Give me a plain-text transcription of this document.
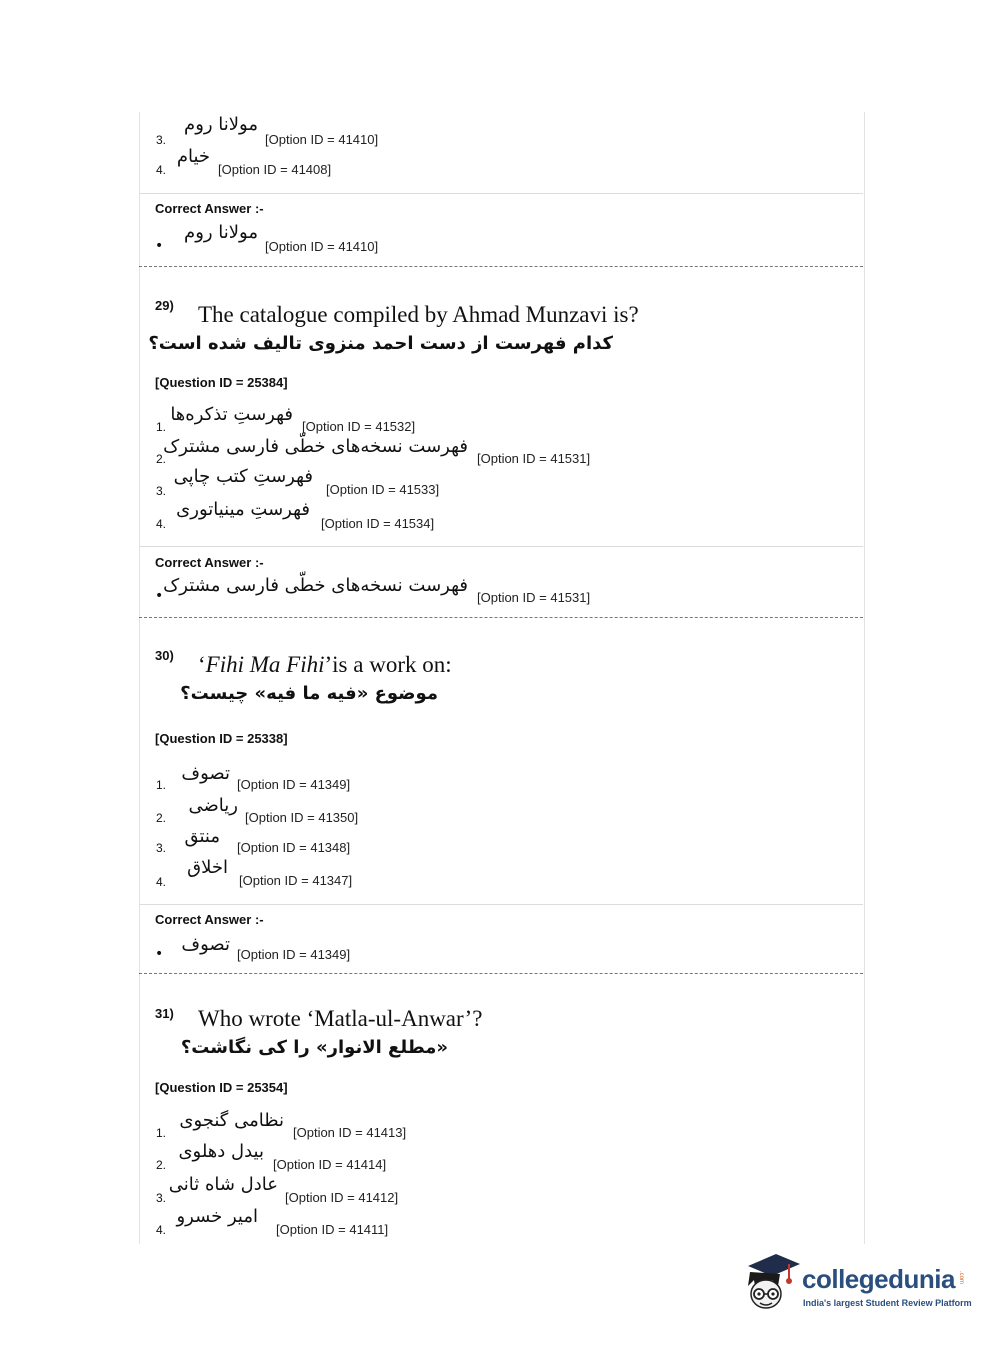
3.
مولانا روم
[Option ID = 41410]
4.
خیام
[Option ID = 41408]
Correct Answer :-
•
مولانا روم
[Option ID = 41410]
29) The catalogue compiled by Ahmad Munzavi is?
کدام فهرست از دست احمد منزوی تالیف شده است؟
[Question ID = 25384]
1.
فهرستِ تذکره‌ها
[Option ID = 41532]
2.
فهرست نسخه‌های خطّی فارسی مشترک
[Option ID = 41531]
3.
فهرستِ کتب چاپی
[Option ID = 41533]
4.
فهرستِ مینیاتوری
[Option ID = 41534]
Correct Answer :-
• فهرست نسخه‌های خطّی فارسی مشترک
[Option ID = 41531]
30) ‘Fihi Ma Fihi’is a work on:
موضوع «فیه ما فیه» چیست؟
[Question ID = 25338]
1.
تصوف
[Option ID = 41349]
2.
ریاضی
[Option ID = 41350]
3.
منتق
[Option ID = 41348]
4.
اخلاق
[Option ID = 41347]
Correct Answer :-
•	تصوف [Option ID = 41349]
31) Who wrote ‘Matla-ul-Anwar’?
«مطلع الانوار» را کی نگاشت؟
[Question ID = 25354]
1.
نظامی گنجوی
[Option ID = 41413]
2.
بیدل دهلوی
[Option ID = 41414]
3.
عادل شاه ثانی
[Option ID = 41412]
4.
امیر خسرو
[Option ID = 41411]
collegedunia .com
India's largest Student Review Platform
